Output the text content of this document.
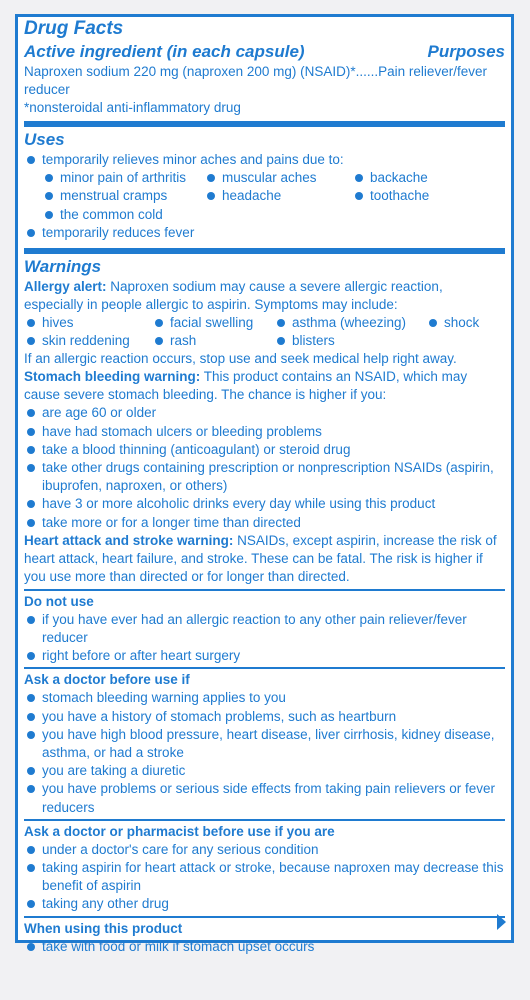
Drug Facts
Active ingredient (in each capsule)	Purposes
Naproxen sodium 220 mg (naproxen 200 mg) (NSAID)*......Pain reliever/fever reducer
*nonsteroidal anti-inflammatory drug
Uses
temporarily relieves minor aches and pains due to:
minor pain of arthritis	muscular aches	backache
menstrual cramps	headache	toothache
the common cold
temporarily reduces fever
Warnings
Allergy alert: Naproxen sodium may cause a severe allergic reaction, especially in people allergic to aspirin. Symptoms may include:
hives	facial swelling	asthma (wheezing)	shock
skin reddening	rash	blisters
If an allergic reaction occurs, stop use and seek medical help right away.
Stomach bleeding warning: This product contains an NSAID, which may cause severe stomach bleeding. The chance is higher if you:
are age 60 or older
have had stomach ulcers or bleeding problems
take a blood thinning (anticoagulant) or steroid drug
take other drugs containing prescription or nonprescription NSAIDs (aspirin, ibuprofen, naproxen, or others)
have 3 or more alcoholic drinks every day while using this product
take more or for a longer time than directed
Heart attack and stroke warning: NSAIDs, except aspirin, increase the risk of heart attack, heart failure, and stroke. These can be fatal. The risk is higher if you use more than directed or for longer than directed.
Do not use
if you have ever had an allergic reaction to any other pain reliever/fever reducer
right before or after heart surgery
Ask a doctor before use if
stomach bleeding warning applies to you
you have a history of stomach problems, such as heartburn
you have high blood pressure, heart disease, liver cirrhosis, kidney disease, asthma, or had a stroke
you are taking a diuretic
you have problems or serious side effects from taking pain relievers or fever reducers
Ask a doctor or pharmacist before use if you are
under a doctor's care for any serious condition
taking aspirin for heart attack or stroke, because naproxen may decrease this benefit of aspirin
taking any other drug
When using this product
take with food or milk if stomach upset occurs
